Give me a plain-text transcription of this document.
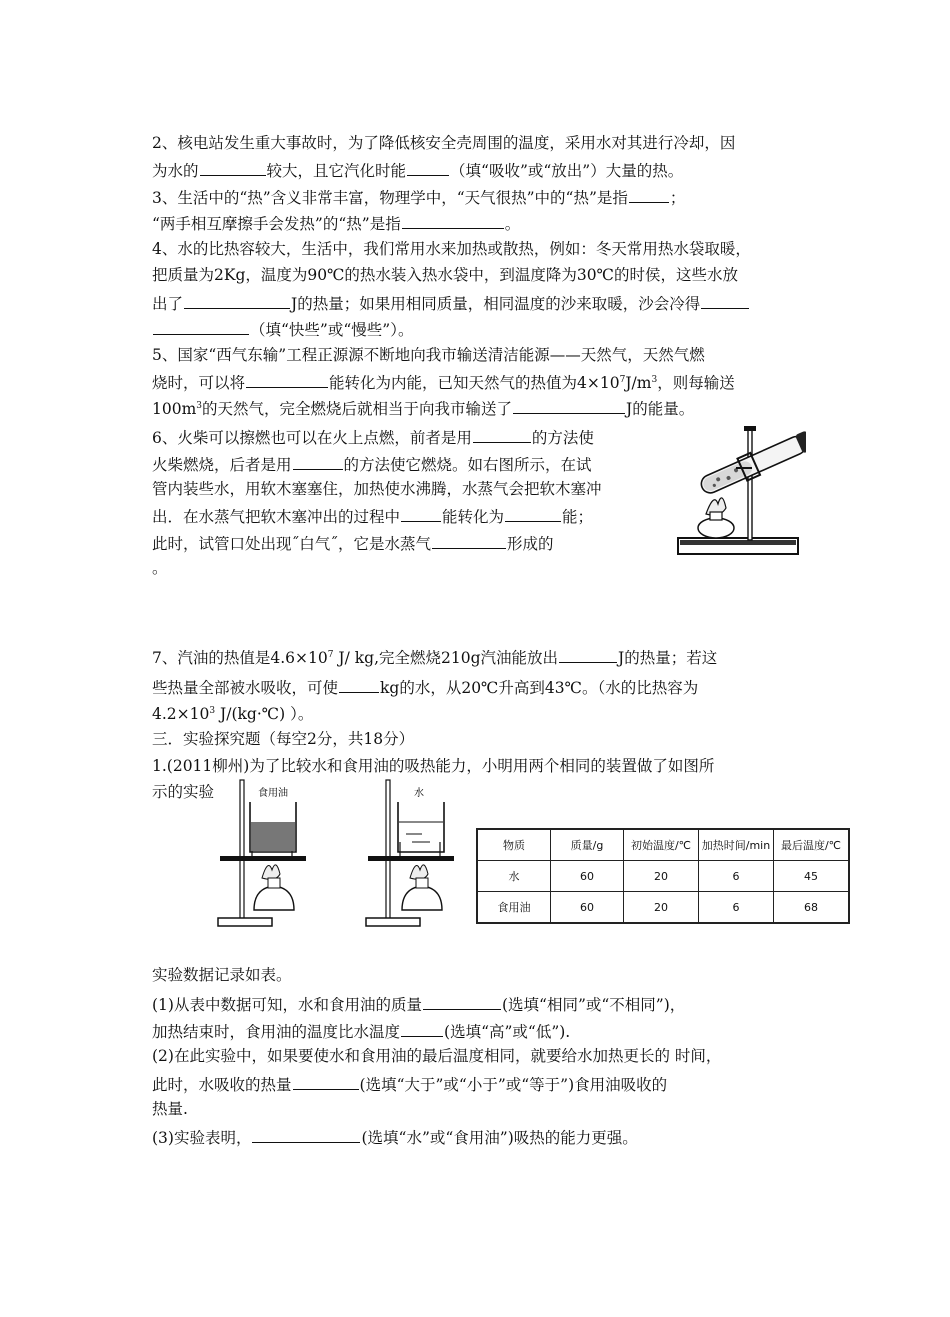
2、核电站发生重大事故时，为了降低核安全壳周围的温度，采用水对其进行冷却，因
为水的	较大，且它汽化时能	（填“吸收”或“放出”）大量的热。
3、生活中的“热”含义非常丰富，物理学中，“天气很热”中的“热”是指	；
“两手相互摩擦手会发热”的“热”是指	。
4、水的比热容较大，生活中，我们常用水来加热或散热，例如：冬天常用热水袋取暖，
把质量为2Kg，温度为90℃的热水装入热水袋中，到温度降为30℃的时侯，这些水放
出了	J的热量；如果用相同质量，相同温度的沙来取暖，沙会冷得
（填“快些”或“慢些”）。
5、国家“西气东输”工程正源源不断地向我市输送清洁能源——天然气，天然气燃
烧时，可以将	能转化为内能，已知天然气的热值为$4\times 10^7J/m^3$，则每输送
$100m^3$的天然气，完全燃烧后就相当于向我市输送了	J的能量。
6、火柴可以擦燃也可以在火上点燃，前者是用	的方法使
火柴燃烧，后者是用	的方法使它燃烧。如右图所示，在试
管内装些水，用软木塞塞住，加热使水沸腾，水蒸气会把软木塞冲
出．在水蒸气把软木塞冲出的过程中	能转化为	能；
此时，试管口处出现˝白气˝，它是水蒸气	形成的
。
7、汽油的热值是$4.6\times 10^7$ J/ kg,完全燃烧210g汽油能放出	J的热量；若这
些热量全部被水吸收，可使	kg的水，从20℃升高到43℃。（水的比热容为
$4.2\times 10^3$ J/(kg·℃) ）。
三．实验探究题（每空2分，共18分）
1.(2011柳州)为了比较水和食用油的吸热能力，小明用两个相同的装置做了如图所
示的实验	食用油	水
物质	质量/g	初始温度/℃	加热时间/min	最后温度/℃
水	60	20	6	45
食用油	60	20	6	68
实验数据记录如表。
(1)从表中数据可知，水和食用油的质量	(选填“相同”或“不相同”)，
加热结束时，食用油的温度比水温度	(选填“高”或“低”).
(2)在此实验中，如果要使水和食用油的最后温度相同，就要给水加热更长的 时间，
此时，水吸收的热量	(选填“大于”或“小于”或“等于”)食用油吸收的
热量.
(3)实验表明，	(选填“水”或“食用油”)吸热的能力更强。
